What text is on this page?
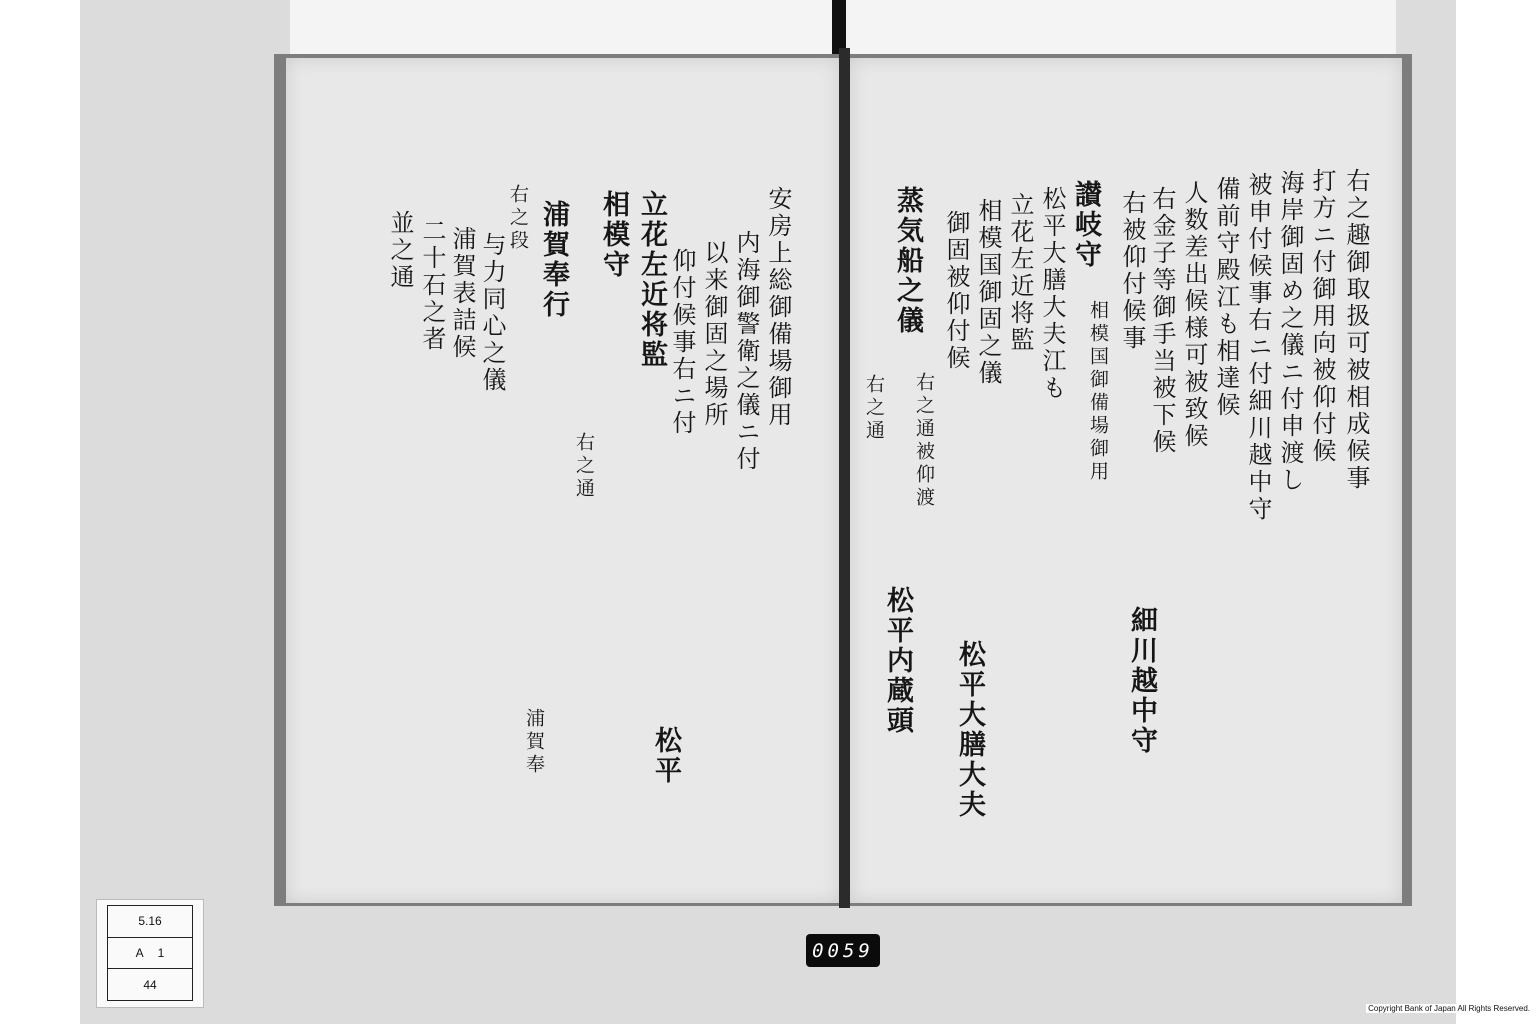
右之趣御取扱可被相成候事
打方ニ付御用向被仰付候
海岸御固め之儀ニ付申渡し
被申付候事右ニ付細川越中守
備前守殿江も相達候
人数差出候様可被致候
右金子等御手当被下候
細川越中守
右被仰付候事
相模国御備場御用
讃岐守
松平大膳大夫江も
立花左近将監
相模国御固之儀
松平大膳大夫
御固被仰付候
右之通被仰渡
蒸気船之儀
松平内蔵頭
右之通
安房上総御備場御用
内海御警衛之儀ニ付
以来御固之場所
仰付候事右ニ付
立花左近将監
松平
相模守
右之通
浦賀奉行
浦賀奉
右之段
与力同心之儀
浦賀表詰候
二十石之者
並之通
5.16
A 1
44
0059
Copyright Bank of Japan All Rights Reserved.
